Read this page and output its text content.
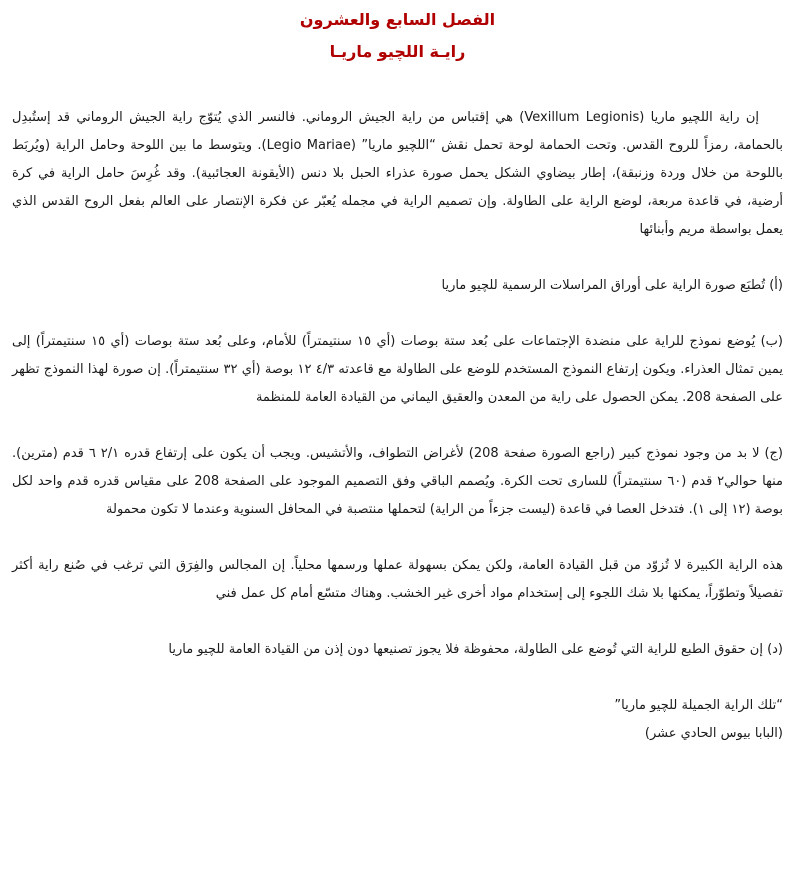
الفصل السابع والعشرون
رايـة اللچيو ماريـا

إن راية اللچيو ماريا (Vexillum Legionis) هي إقتباس من راية الجيش الروماني. فالنسر الذي يُتوّج راية الجيش الروماني قد إستُبدِل بالحمامة، رمزاً للروح القدس. وتحت الحمامة لوحة تحمل نقش “اللچيو ماريا” (Legio Mariae). ويتوسط ما بين اللوحة وحامل الراية (ويُربَط باللوحة من خلال وردة وزنبقة)، إطار بيضاوي الشكل يحمل صورة عذراء الحبل بلا دنس (الأيقونة العجائبية). وقد غُرِسَ حامل الراية في كرة أرضية، في قاعدة مربعة، لوضع الراية على الطاولة. وإن تصميم الراية في مجمله يُعبّر عن فكرة الإنتصار على العالم بفعل الروح القدس الذي يعمل بواسطة مريم وأبنائها

(أ) تُطبَع صورة الراية على أوراق المراسلات الرسمية للچيو ماريا

(ب) يُوضع نموذج للراية على منضدة الإجتماعات على بُعد ستة بوصات (أي ١٥ سنتيمتراً) للأمام، وعلى بُعد ستة بوصات (أي ١٥ سنتيمتراً) إلى يمين تمثال العذراء. ويكون إرتفاع النموذج المستخدم للوضع على الطاولة مع قاعدته ٤/٣ ١٢ بوصة (أي ٣٢ سنتيمتراً). إن صورة لهذا النموذج تظهر على الصفحة 208. يمكن الحصول على راية من المعدن والعقيق اليماني من القيادة العامة للمنظمة

(ج) لا بد من وجود نموذج كبير (راجع الصورة صفحة 208) لأغراض التطواف، والأتشيس. ويجب أن يكون على إرتفاع قدره ٢/١ ٦ قدم (مترين). منها حوالي٢ قدم (٦٠ سنتيمتراً) للسارى تحت الكرة. ويُصمم الباقي وفق التصميم الموجود على الصفحة 208 على مقياس قدره قدم واحد لكل بوصة (١٢ إلى ١). فتدخل العصا في قاعدة (ليست جزءاً من الراية) لتحملها منتصبة في المحافل السنوية وعندما لا تكون محمولة

هذه الراية الكبيرة لا تُزوّد من قبل القيادة العامة، ولكن يمكن بسهولة عملها ورسمها محلياً. إن المجالس والفِرَق التي ترغب في صُنع راية أكثر تفصيلاً وتطوّراً، يمكنها بلا شك اللجوء إلى إستخدام مواد أخرى غير الخشب. وهناك متسّع أمام كل عمل فني

(د) إن حقوق الطبع للراية التي تُوضع على الطاولة، محفوظة فلا يجوز تصنيعها دون إذن من القيادة العامة للچيو ماريا

“تلك الراية الجميلة للچيو ماريا”
(البابا بيوس الحادي عشر)
